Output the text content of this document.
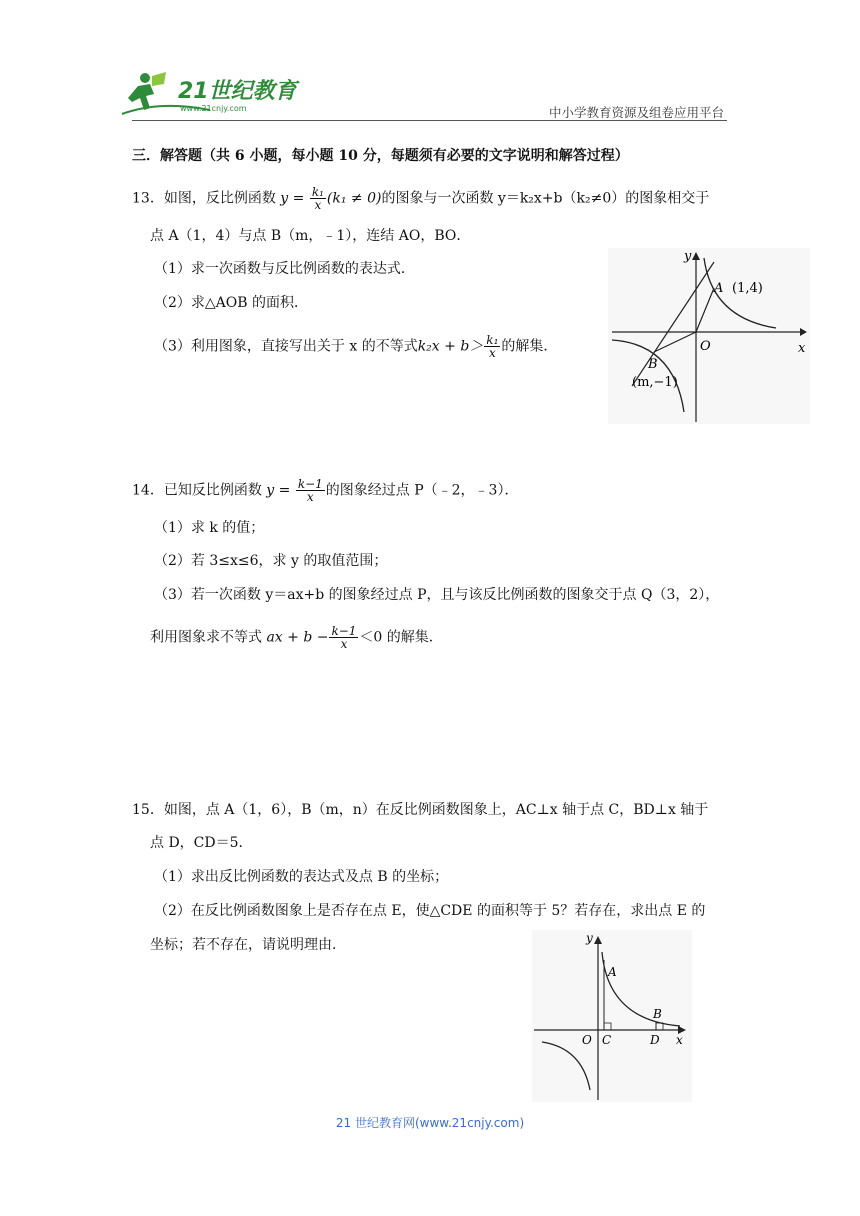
21世纪教育
www.21cnjy.com	中小学教育资源及组卷应用平台
三．解答题（共 6 小题，每小题 10 分，每题须有必要的文字说明和解答过程）
13．如图，反比例函数 $y = \frac{\text{k₁}}{x} (k_1 \ne 0)$的图象与一次函数 y＝k₂x+b（k₂≠0）的图象相交于
点 A（1，4）与点 B（m，﹣1），连结 AO，BO．
（1）求一次函数与反比例函数的表达式．
（2）求△AOB 的面积．
（3）利用图象，直接写出关于 x 的不等式$k_2x + b> \frac{\text{k₁}}{x}$ 的解集．
y
x
O
A (1,4)
B
(m,−1)
14．已知反比例函数 $y = \frac{k-1}{x}$ 的图象经过点 P（﹣2，﹣3）．
（1）求 k 的值；
（2）若 3≤x≤6，求 y 的取值范围；
（3）若一次函数 y＝ax+b 的图象经过点 P，且与该反比例函数的图象交于点 Q（3，2），
利用图象求不等式 ax + $b - \frac{k-1}{x} <0$ 的解集．
15．如图，点 A（1，6），B（m，n）在反比例函数图象上，AC⊥x 轴于点 C，BD⊥x 轴于
点 D，CD＝5．
（1）求出反比例函数的表达式及点 B 的坐标；
（2）在反比例函数图象上是否存在点 E，使△CDE 的面积等于 5？若存在，求出点 E 的
坐标；若不存在，请说明理由．	y
x
O
A
B
C	D
21 世纪教育网(www.21cnjy.com)
